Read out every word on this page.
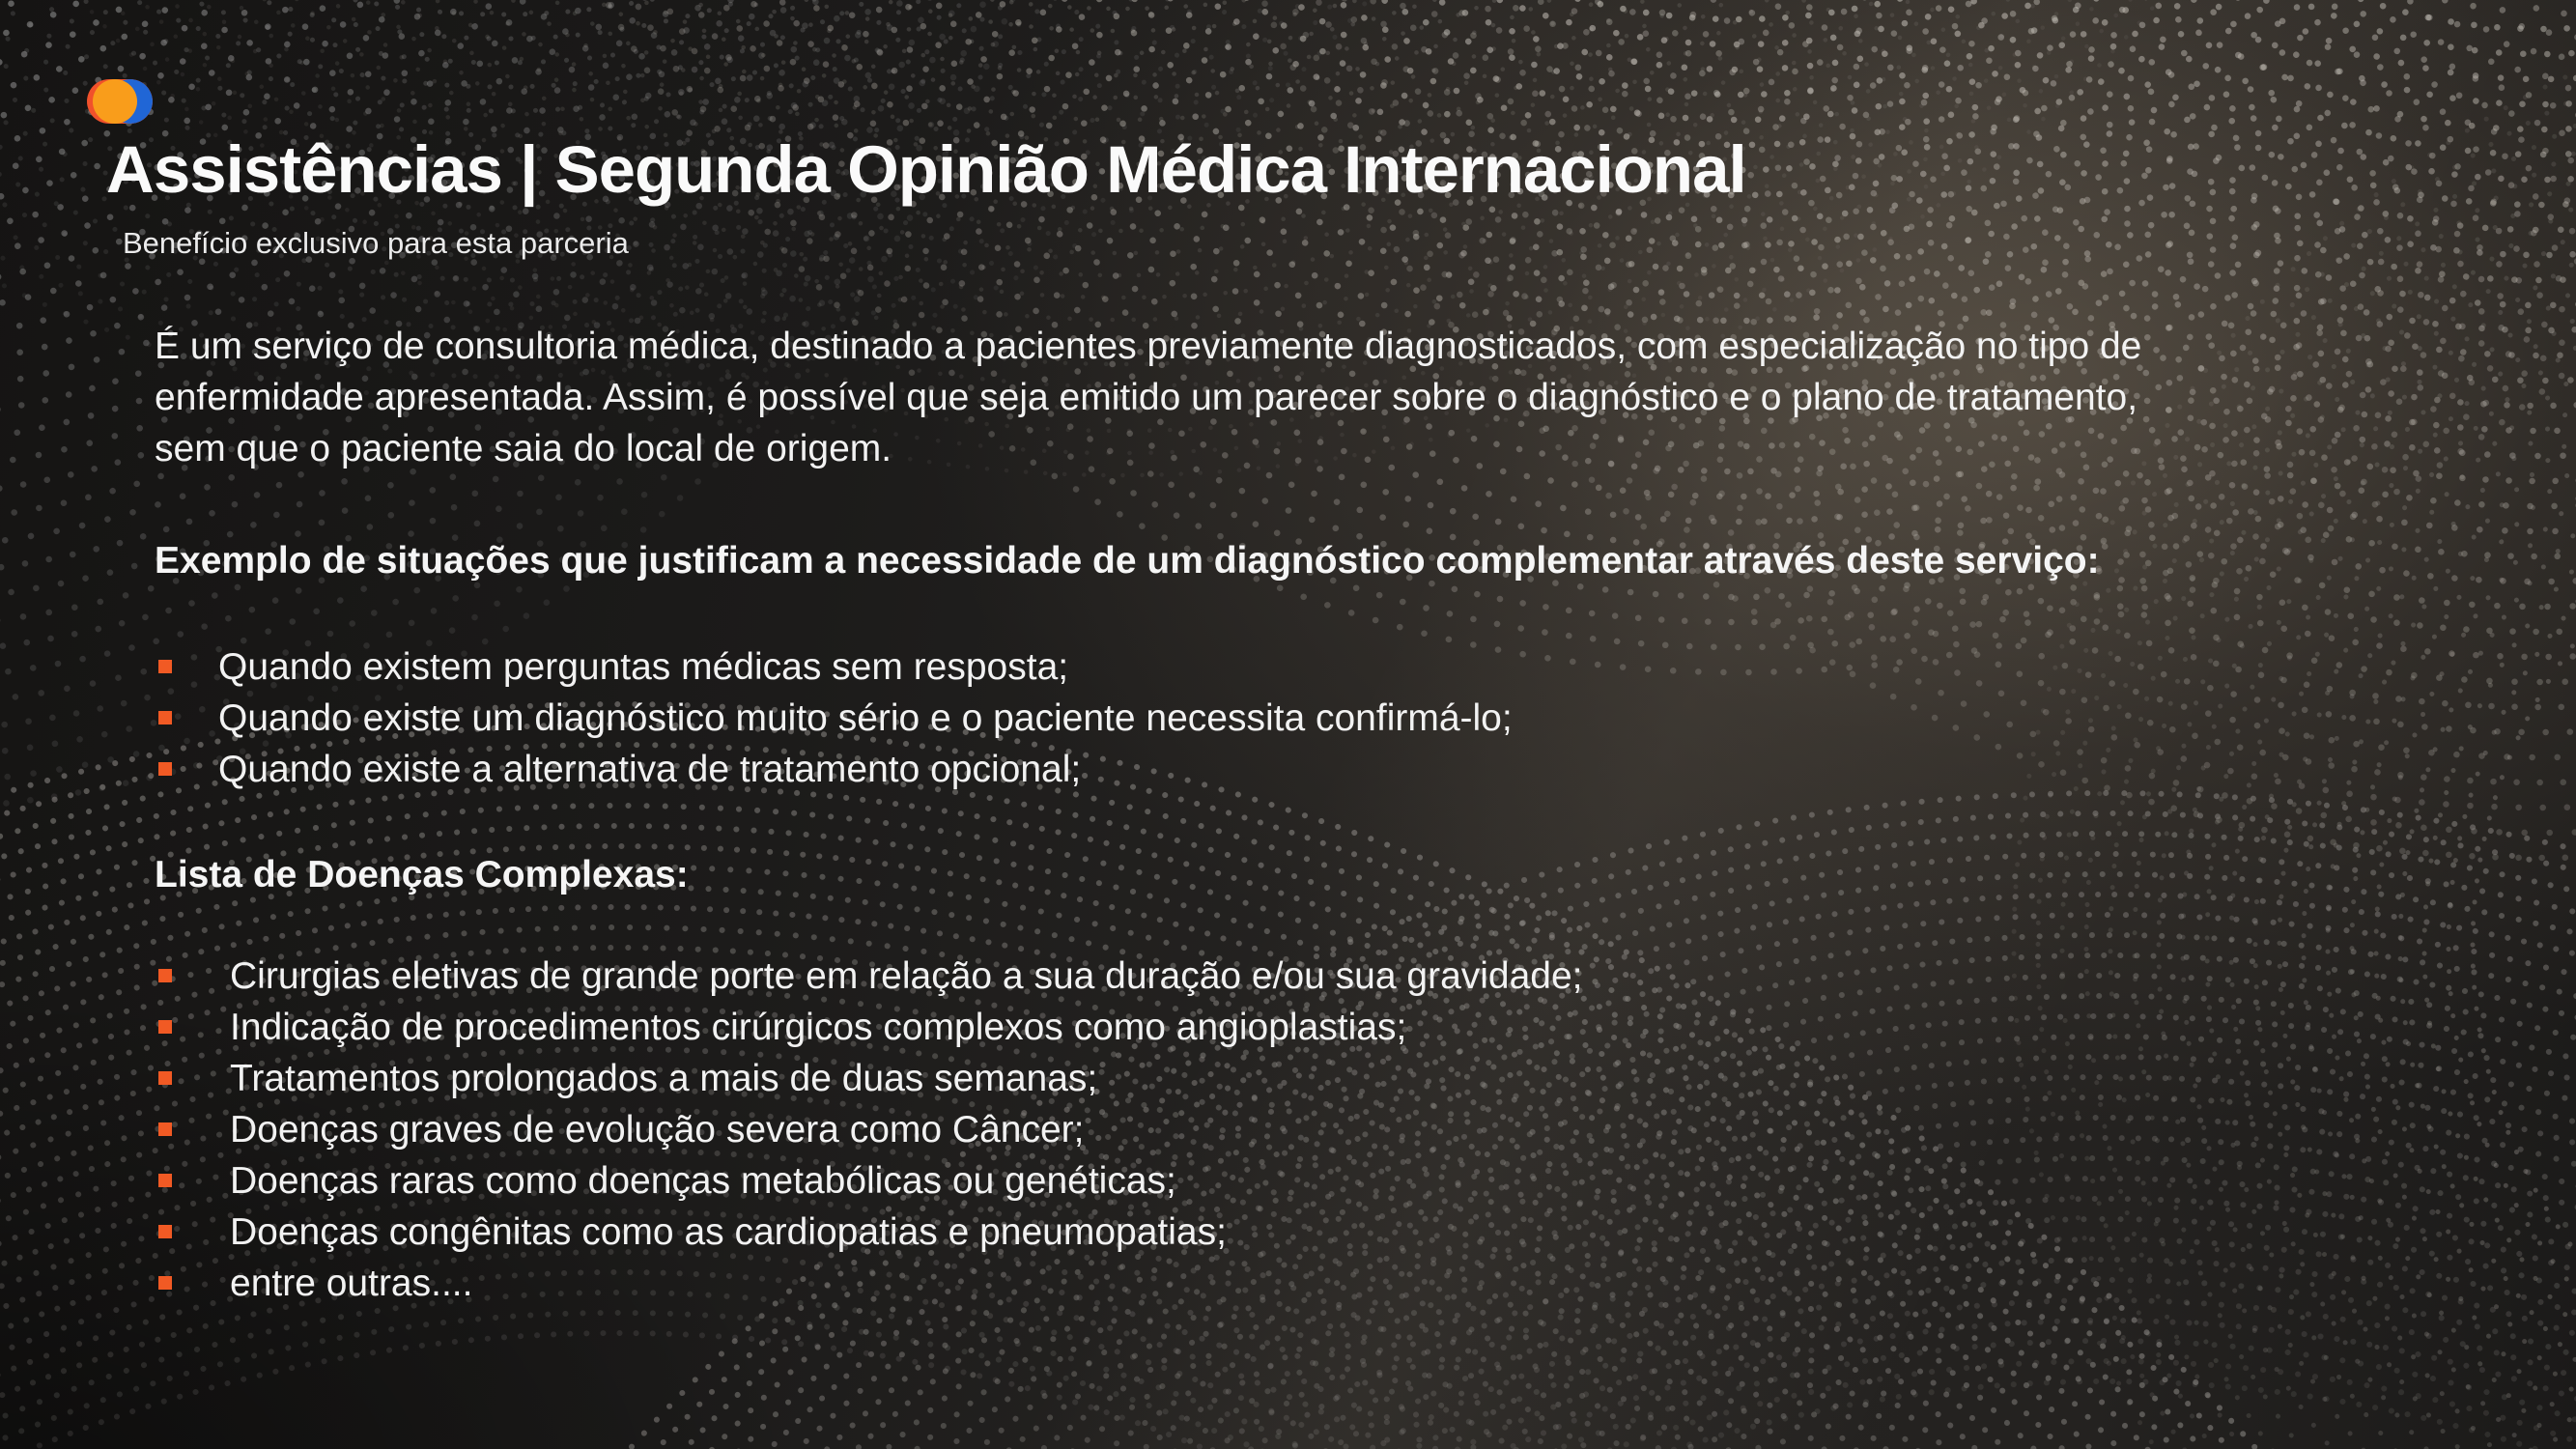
Assistências | Segunda Opinião Médica Internacional

Benefício exclusivo para esta parceria

É um serviço de consultoria médica, destinado a pacientes previamente diagnosticados, com especialização no tipo de
enfermidade apresentada. Assim, é possível que seja emitido um parecer sobre o diagnóstico e o plano de tratamento,
sem que o paciente saia do local de origem.
Exemplo de situações que justificam a necessidade de um diagnóstico complementar através deste serviço:
Quando existem perguntas médicas sem resposta;
Quando existe um diagnóstico muito sério e o paciente necessita confirmá-lo;
Quando existe a alternativa de tratamento opcional;
Lista de Doenças Complexas:
Cirurgias eletivas de grande porte em relação a sua duração e/ou sua gravidade;
Indicação de procedimentos cirúrgicos complexos como angioplastias;
Tratamentos prolongados a mais de duas semanas;
Doenças graves de evolução severa como Câncer;
Doenças raras como doenças metabólicas ou genéticas;
Doenças congênitas como as cardiopatias e pneumopatias;
entre outras....
